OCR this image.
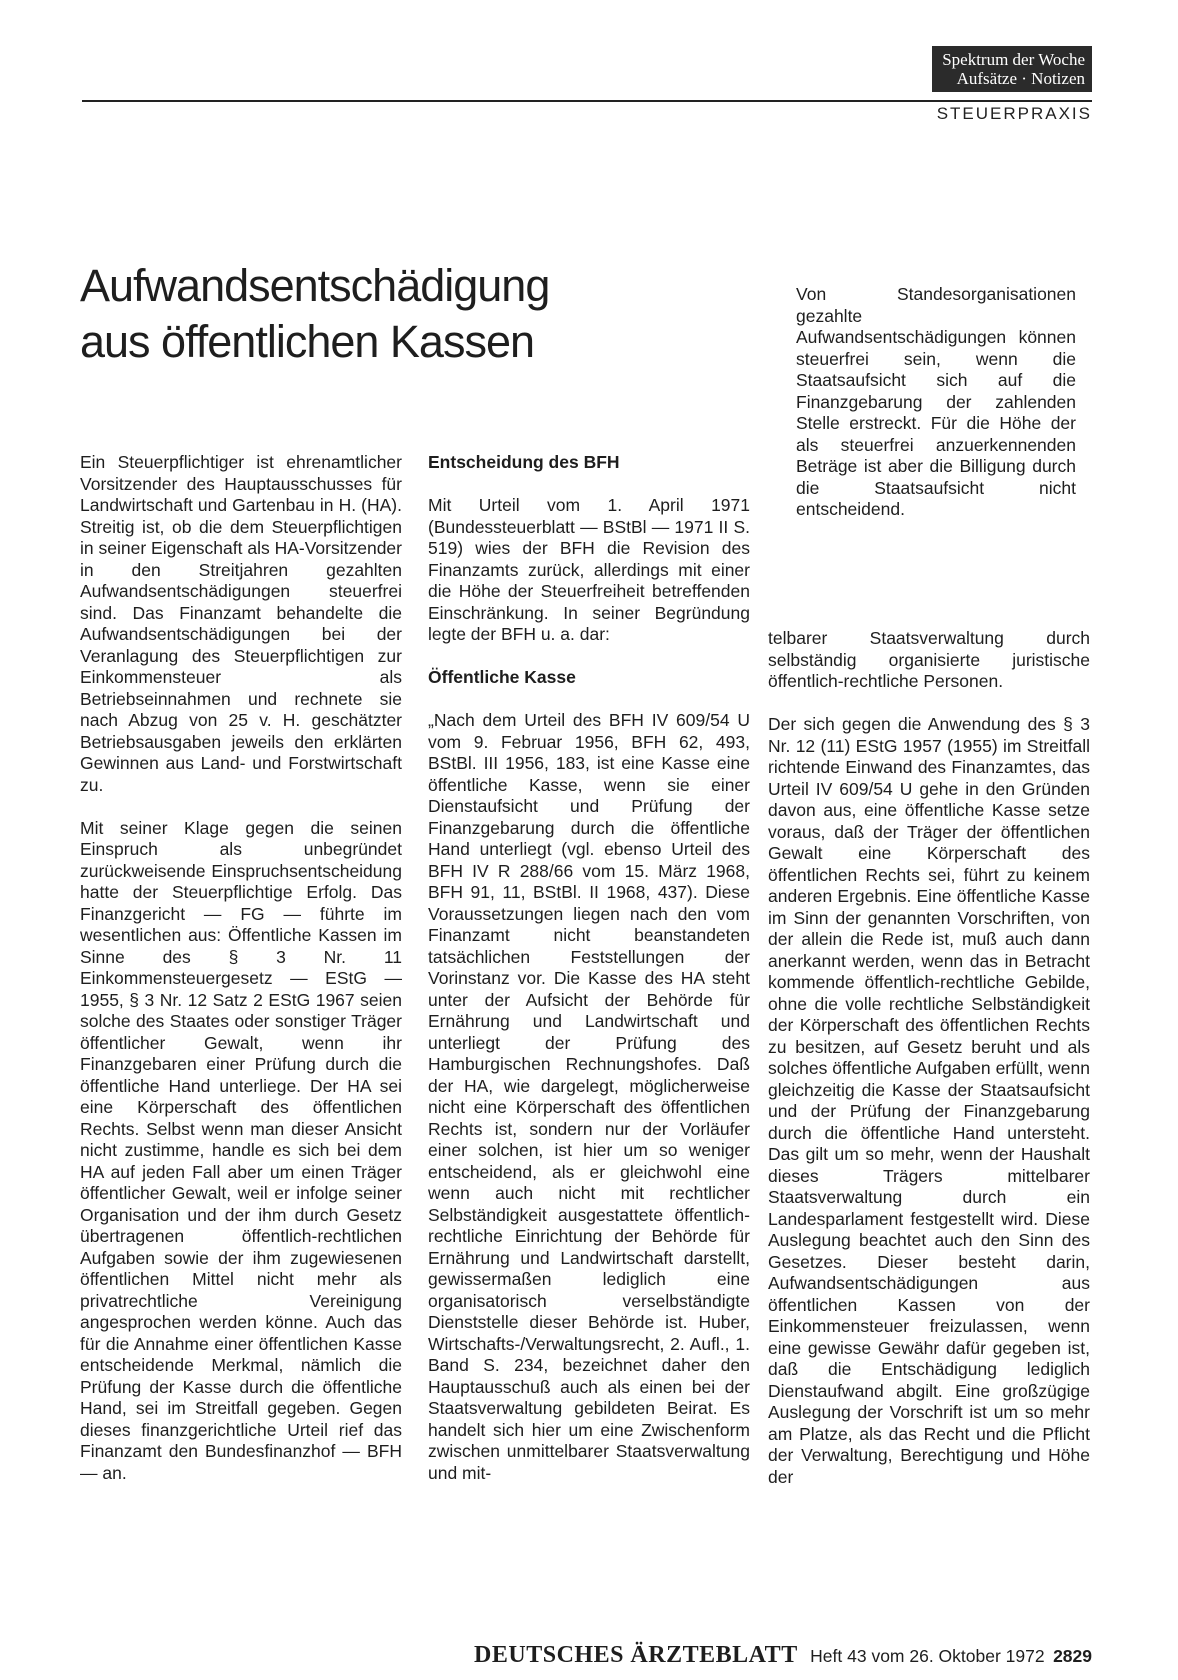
Spektrum der Woche
Aufsätze · Notizen
STEUERPRAXIS
Aufwandsentschädigung
aus öffentlichen Kassen

Von Standesorganisationen gezahlte Aufwandsentschädigungen können steuerfrei sein, wenn die Staatsaufsicht sich auf die Finanzgebarung der zahlenden Stelle erstreckt. Für die Höhe der als steuerfrei anzuerkennenden Beträge ist aber die Billigung durch die Staatsaufsicht nicht entscheidend.

Ein Steuerpflichtiger ist ehrenamtlicher Vorsitzender des Hauptausschusses für Landwirtschaft und Gartenbau in H. (HA). Streitig ist, ob die dem Steuerpflichtigen in seiner Eigenschaft als HA-Vorsitzender in den Streitjahren gezahlten Aufwandsentschädigungen steuerfrei sind. Das Finanzamt behandelte die Aufwandsentschädigungen bei der Veranlagung des Steuerpflichtigen zur Einkommensteuer als Betriebseinnahmen und rechnete sie nach Abzug von 25 v. H. geschätzter Betriebsausgaben jeweils den erklärten Gewinnen aus Land- und Forstwirtschaft zu.

Mit seiner Klage gegen die seinen Einspruch als unbegründet zurückweisende Einspruchsentscheidung hatte der Steuerpflichtige Erfolg. Das Finanzgericht — FG — führte im wesentlichen aus: Öffentliche Kassen im Sinne des § 3 Nr. 11 Einkommensteuergesetz — EStG — 1955, § 3 Nr. 12 Satz 2 EStG 1967 seien solche des Staates oder sonstiger Träger öffentlicher Gewalt, wenn ihr Finanzgebaren einer Prüfung durch die öffentliche Hand unterliege. Der HA sei eine Körperschaft des öffentlichen Rechts. Selbst wenn man dieser Ansicht nicht zustimme, handle es sich bei dem HA auf jeden Fall aber um einen Träger öffentlicher Gewalt, weil er infolge seiner Organisation und der ihm durch Gesetz übertragenen öffentlich-rechtlichen Aufgaben sowie der ihm zugewiesenen öffentlichen Mittel nicht mehr als privatrechtliche Vereinigung angesprochen werden könne. Auch das für die Annahme einer öffentlichen Kasse entscheidende Merkmal, nämlich die Prüfung der Kasse durch die öffentliche Hand, sei im Streitfall gegeben. Gegen dieses finanzgerichtliche Urteil rief das Finanzamt den Bundesfinanzhof — BFH — an.

Entscheidung des BFH

Mit Urteil vom 1. April 1971 (Bundessteuerblatt — BStBl — 1971 II S. 519) wies der BFH die Revision des Finanzamts zurück, allerdings mit einer die Höhe der Steuerfreiheit betreffenden Einschränkung. In seiner Begründung legte der BFH u. a. dar:

Öffentliche Kasse

„Nach dem Urteil des BFH IV 609/54 U vom 9. Februar 1956, BFH 62, 493, BStBl. III 1956, 183, ist eine Kasse eine öffentliche Kasse, wenn sie einer Dienstaufsicht und Prüfung der Finanzgebarung durch die öffentliche Hand unterliegt (vgl. ebenso Urteil des BFH IV R 288/66 vom 15. März 1968, BFH 91, 11, BStBl. II 1968, 437). Diese Voraussetzungen liegen nach den vom Finanzamt nicht beanstandeten tatsächlichen Feststellungen der Vorinstanz vor. Die Kasse des HA steht unter der Aufsicht der Behörde für Ernährung und Landwirtschaft und unterliegt der Prüfung des Hamburgischen Rechnungshofes. Daß der HA, wie dargelegt, möglicherweise nicht eine Körperschaft des öffentlichen Rechts ist, sondern nur der Vorläufer einer solchen, ist hier um so weniger entscheidend, als er gleichwohl eine wenn auch nicht mit rechtlicher Selbständigkeit ausgestattete öffentlich-rechtliche Einrichtung der Behörde für Ernährung und Landwirtschaft darstellt, gewissermaßen lediglich eine organisatorisch verselbständigte Dienststelle dieser Behörde ist. Huber, Wirtschafts-/Verwaltungsrecht, 2. Aufl., 1. Band S. 234, bezeichnet daher den Hauptausschuß auch als einen bei der Staatsverwaltung gebildeten Beirat. Es handelt sich hier um eine Zwischenform zwischen unmittelbarer Staatsverwaltung und mit-

telbarer Staatsverwaltung durch selbständig organisierte juristische öffentlich-rechtliche Personen.

Der sich gegen die Anwendung des § 3 Nr. 12 (11) EStG 1957 (1955) im Streitfall richtende Einwand des Finanzamtes, das Urteil IV 609/54 U gehe in den Gründen davon aus, eine öffentliche Kasse setze voraus, daß der Träger der öffentlichen Gewalt eine Körperschaft des öffentlichen Rechts sei, führt zu keinem anderen Ergebnis. Eine öffentliche Kasse im Sinn der genannten Vorschriften, von der allein die Rede ist, muß auch dann anerkannt werden, wenn das in Betracht kommende öffentlich-rechtliche Gebilde, ohne die volle rechtliche Selbständigkeit der Körperschaft des öffentlichen Rechts zu besitzen, auf Gesetz beruht und als solches öffentliche Aufgaben erfüllt, wenn gleichzeitig die Kasse der Staatsaufsicht und der Prüfung der Finanzgebarung durch die öffentliche Hand untersteht. Das gilt um so mehr, wenn der Haushalt dieses Trägers mittelbarer Staatsverwaltung durch ein Landesparlament festgestellt wird. Diese Auslegung beachtet auch den Sinn des Gesetzes. Dieser besteht darin, Aufwandsentschädigungen aus öffentlichen Kassen von der Einkommensteuer freizulassen, wenn eine gewisse Gewähr dafür gegeben ist, daß die Entschädigung lediglich Dienstaufwand abgilt. Eine großzügige Auslegung der Vorschrift ist um so mehr am Platze, als das Recht und die Pflicht der Verwaltung, Berechtigung und Höhe der

DEUTSCHES ÄRZTEBLATT Heft 43 vom 26. Oktober 1972 2829
